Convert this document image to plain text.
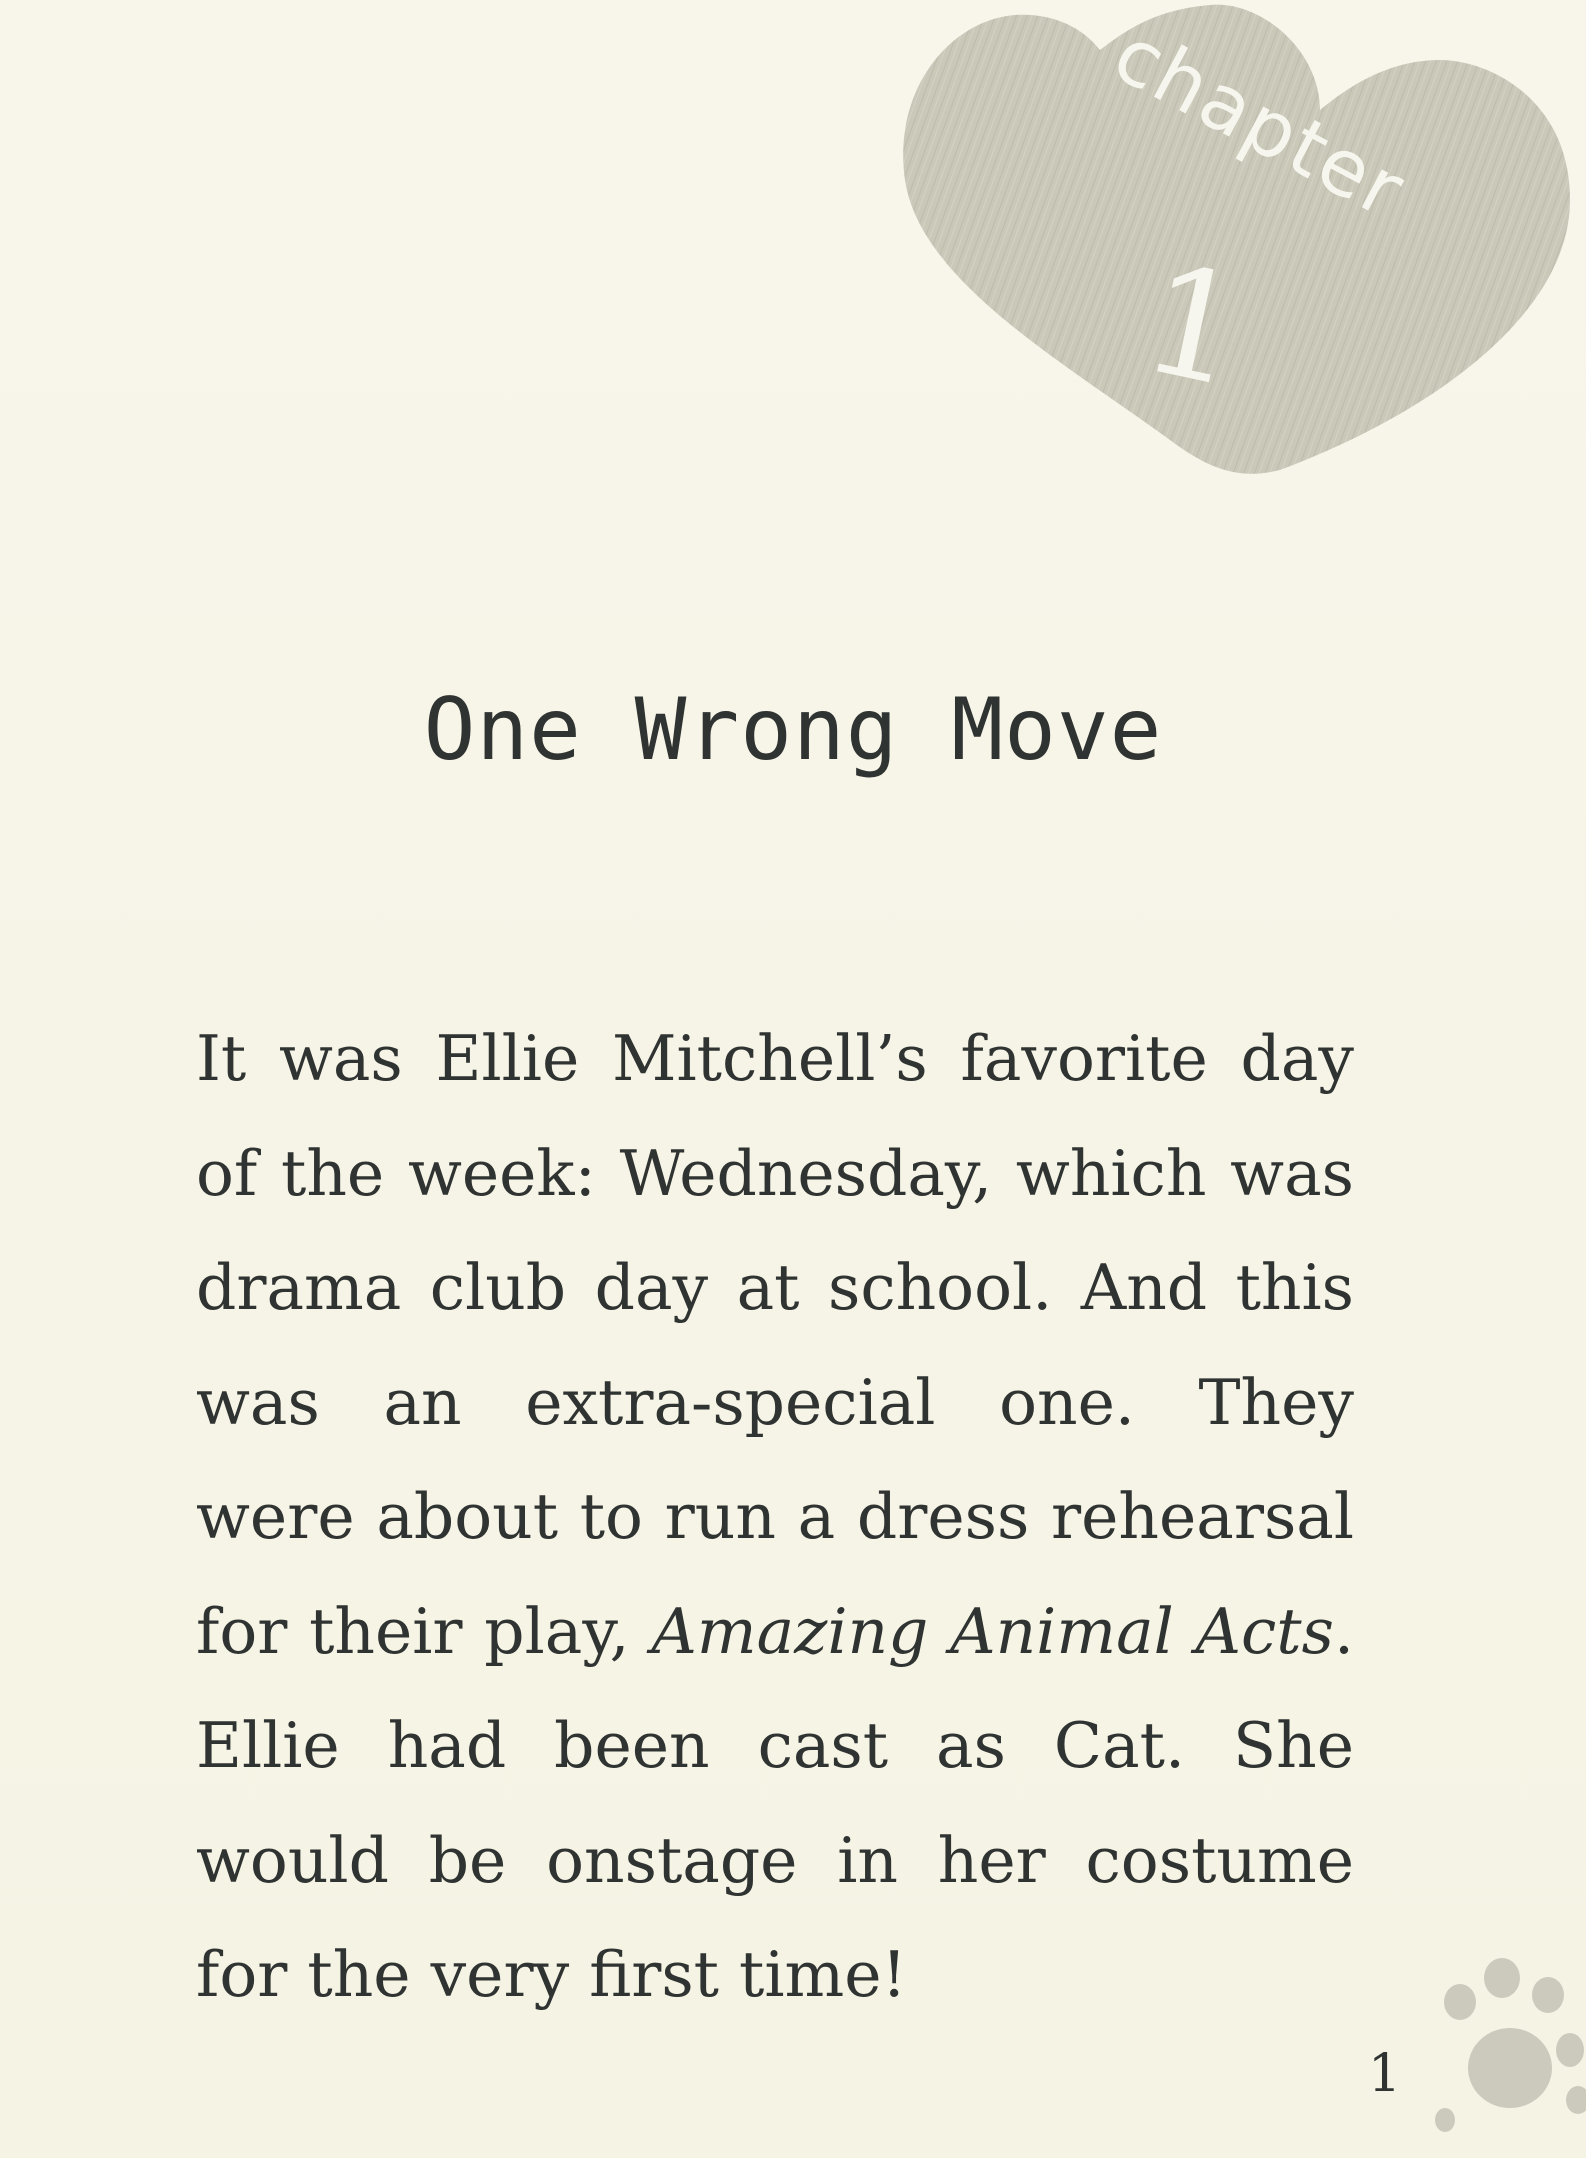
chapter
1
One Wrong Move

It was Ellie Mitchell’s favorite day of the week: Wednesday, which was drama club day at school. And this was an extra-special one. They were about to run a dress rehearsal for their play, Amazing Animal Acts. Ellie had been cast as Cat. She would be onstage in her costume for the very first time!

1
